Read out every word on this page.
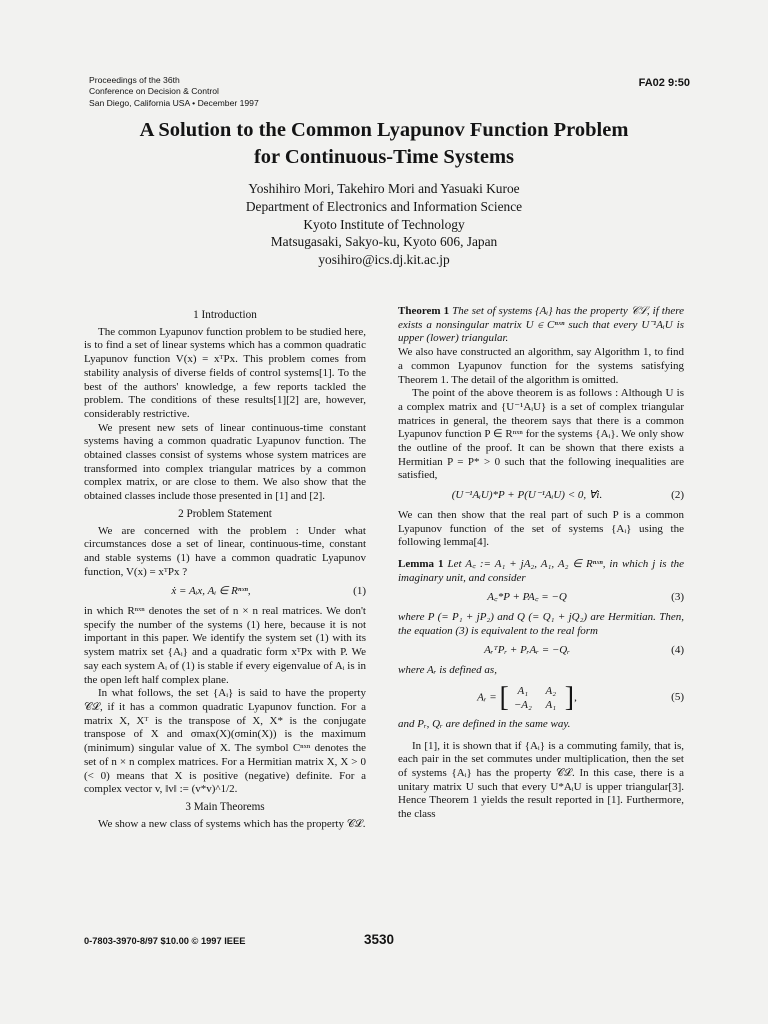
Proceedings of the 36th
Conference on Decision & Control
San Diego, California USA • December 1997
FA02 9:50
A Solution to the Common Lyapunov Function Problem
for Continuous-Time Systems
Yoshihiro Mori, Takehiro Mori and Yasuaki Kuroe
Department of Electronics and Information Science
Kyoto Institute of Technology
Matsugasaki, Sakyo-ku, Kyoto 606, Japan
yosihiro@ics.dj.kit.ac.jp
1 Introduction

The common Lyapunov function problem to be studied here, is to find a set of linear systems which has a common quadratic Lyapunov function V(x) = xᵀPx. This problem comes from stability analysis of diverse fields of control systems[1]. To the best of the authors' knowledge, a few reports tackled the problem. The conditions of these results[1][2] are, however, considerably restrictive.

We present new sets of linear continuous-time constant systems having a common quadratic Lyapunov function. The obtained classes consist of systems whose system matrices are transformed into complex triangular matrices by a common complex matrix, or are close to them. We also show that the obtained classes include those presented in [1] and [2].

2 Problem Statement

We are concerned with the problem : Under what circumstances dose a set of linear, continuous-time, constant and stable systems (1) have a common quadratic Lyapunov function, V(x) = xᵀPx ?

ẋ = Aᵢx, Aᵢ ∈ Rⁿˣⁿ,	(1)

in which Rⁿˣⁿ denotes the set of n × n real matrices. We don't specify the number of the systems (1) here, because it is not important in this paper. We identify the system set (1) with its system matrix set {Aᵢ} and a quadratic form xᵀPx with P. We say each system Aᵢ of (1) is stable if every eigenvalue of Aᵢ is in the open left half complex plane.

In what follows, the set {Aᵢ} is said to have the property 𝒞ℒ, if it has a common quadratic Lyapunov function. For a matrix X, Xᵀ is the transpose of X, X* is the conjugate transpose of X and σmax(X)(σmin(X)) is the maximum (minimum) singular value of X. The symbol Cⁿˣⁿ denotes the set of n × n complex matrices. For a Hermitian matrix X, X > 0 (< 0) means that X is positive (negative) definite. For a complex vector v, ‖v‖ := (v*v)^1/2.

3 Main Theorems

We show a new class of systems which has the property 𝒞ℒ.

Theorem 1 The set of systems {Aᵢ} has the property 𝒞ℒ, if there exists a nonsingular matrix U ∈ Cⁿˣⁿ such that every U⁻¹AᵢU is upper (lower) triangular.

We also have constructed an algorithm, say Algorithm 1, to find a common Lyapunov function for the systems satisfying Theorem 1. The detail of the algorithm is omitted.

The point of the above theorem is as follows : Although U is a complex matrix and {U⁻¹AᵢU} is a set of complex triangular matrices in general, the theorem says that there is a common Lyapunov function P ∈ Rⁿˣⁿ for the systems {Aᵢ}. We only show the outline of the proof. It can be shown that there exists a Hermitian P = P* > 0 such that the following inequalities are satisfied,

(U⁻¹AᵢU)*P + P(U⁻¹AᵢU) < 0, ∀i.	(2)

We can then show that the real part of such P is a common Lyapunov function of the set of systems {Aᵢ} using the following lemma[4].

Lemma 1 Let A꜀ := A₁ + jA₂, A₁, A₂ ∈ Rⁿˣⁿ, in which j is the imaginary unit, and consider

A꜀*P + PA꜀ = −Q	(3)

where P (= P₁ + jP₂) and Q (= Q₁ + jQ₂) are Hermitian. Then, the equation (3) is equivalent to the real form

AᵣᵀPᵣ + PᵣAᵣ = −Qᵣ	(4)

where Aᵣ is defined as,

Aᵣ = [ A₁	A₂
−A₂	A₁ ] ,	(5)

and Pᵣ, Qᵣ are defined in the same way.

In [1], it is shown that if {Aᵢ} is a commuting family, that is, each pair in the set commutes under multiplication, then the set of systems {Aᵢ} has the property 𝒞ℒ. In this case, there is a unitary matrix U such that every U*AᵢU is upper triangular[3]. Hence Theorem 1 yields the result reported in [1]. Furthermore, the class

0-7803-3970-8/97 $10.00 © 1997 IEEE	3530
